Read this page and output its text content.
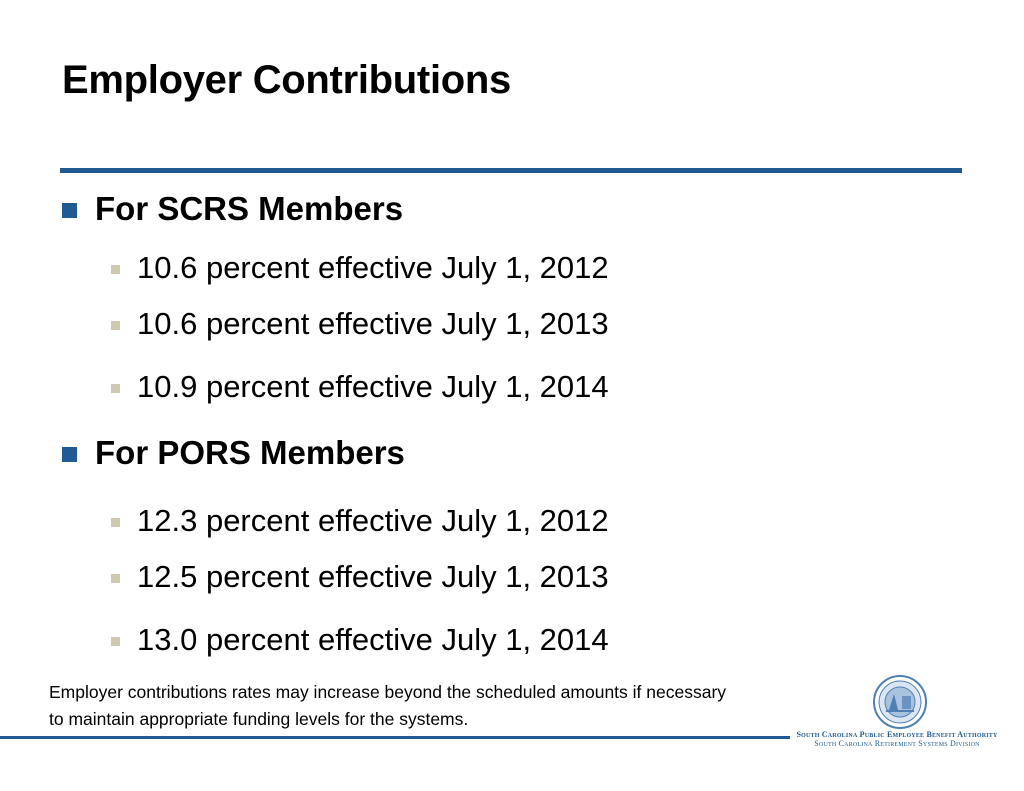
Employer Contributions
For SCRS Members
10.6 percent effective July 1, 2012
10.6 percent effective July 1, 2013
10.9 percent effective July 1, 2014
For PORS Members
12.3 percent effective July 1, 2012
12.5 percent effective July 1, 2013
13.0 percent effective July 1, 2014
Employer contributions rates may increase beyond the scheduled amounts if necessary
to maintain appropriate funding levels for the systems.
South Carolina Public Employee Benefit Authority
South Carolina Retirement Systems Division
